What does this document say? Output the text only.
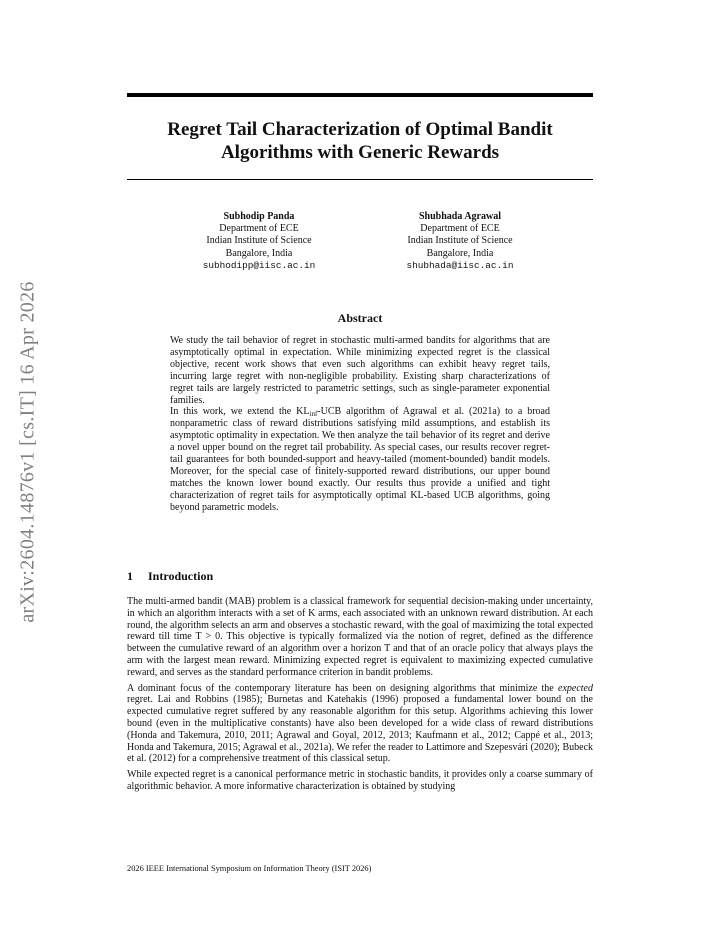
arXiv:2604.14876v1 [cs.IT] 16 Apr 2026
Regret Tail Characterization of Optimal Bandit
Algorithms with Generic Rewards
Subhodip Panda
Department of ECE
Indian Institute of Science
Bangalore, India
subhodipp@iisc.ac.in
Shubhada Agrawal
Department of ECE
Indian Institute of Science
Bangalore, India
shubhada@iisc.ac.in
Abstract

We study the tail behavior of regret in stochastic multi-armed bandits for algorithms that are asymptotically optimal in expectation. While minimizing expected regret is the classical objective, recent work shows that even such algorithms can exhibit heavy regret tails, incurring large regret with non-negligible probability. Existing sharp characterizations of regret tails are largely restricted to parametric settings, such as single-parameter exponential families.

In this work, we extend the $KL_{inf}$-UCB algorithm of Agrawal et al. (2021a) to a broad nonparametric class of reward distributions satisfying mild assumptions, and establish its asymptotic optimality in expectation. We then analyze the tail behavior of its regret and derive a novel upper bound on the regret tail probability. As special cases, our results recover regret-tail guarantees for both bounded-support and heavy-tailed (moment-bounded) bandit models. Moreover, for the special case of finitely-supported reward distributions, our upper bound matches the known lower bound exactly. Our results thus provide a unified and tight characterization of regret tails for asymptotically optimal KL-based UCB algorithms, going beyond parametric models.

1 Introduction

The multi-armed bandit (MAB) problem is a classical framework for sequential decision-making under uncertainty, in which an algorithm interacts with a set of K arms, each associated with an unknown reward distribution. At each round, the algorithm selects an arm and observes a stochastic reward, with the goal of maximizing the total expected reward till time T > 0. This objective is typically formalized via the notion of regret, defined as the difference between the cumulative reward of an algorithm over a horizon T and that of an oracle policy that always plays the arm with the largest mean reward. Minimizing expected regret is equivalent to maximizing expected cumulative reward, and serves as the standard performance criterion in bandit problems.

A dominant focus of the contemporary literature has been on designing algorithms that minimize the expected regret. Lai and Robbins (1985); Burnetas and Katehakis (1996) proposed a fundamental lower bound on the expected cumulative regret suffered by any reasonable algorithm for this setup. Algorithms achieving this lower bound (even in the multiplicative constants) have also been developed for a wide class of reward distributions (Honda and Takemura, 2010, 2011; Agrawal and Goyal, 2012, 2013; Kaufmann et al., 2012; Cappé et al., 2013; Honda and Takemura, 2015; Agrawal et al., 2021a). We refer the reader to Lattimore and Szepesvári (2020); Bubeck et al. (2012) for a comprehensive treatment of this classical setup.

While expected regret is a canonical performance metric in stochastic bandits, it provides only a coarse summary of algorithmic behavior. A more informative characterization is obtained by studying

2026 IEEE International Symposium on Information Theory (ISIT 2026)
